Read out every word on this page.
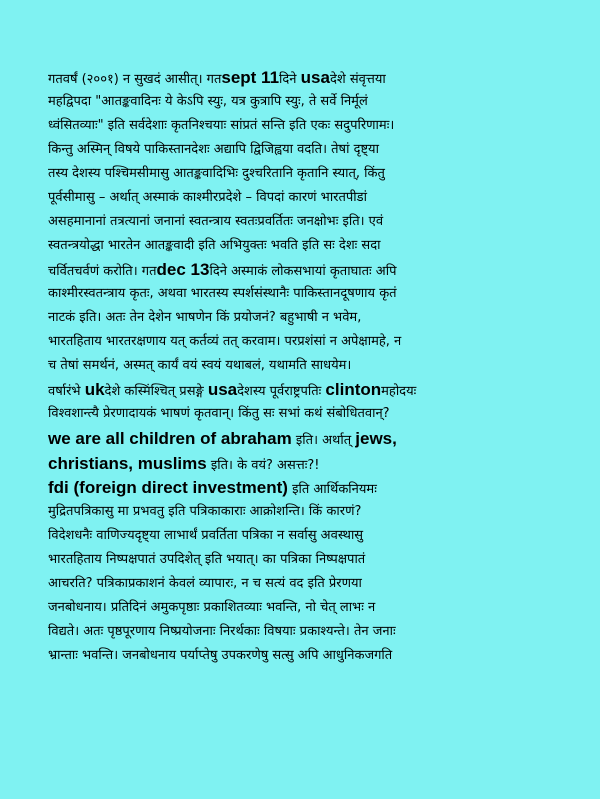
गतवर्षं (२००१) न सुखदं आसीत्। गतsept 11दिने usaदेशे संवृत्तया
महद्विपदा "आतङ्कवादिनः ये केऽपि स्युः, यत्र कुत्रापि स्युः, ते सर्वे निर्मूलं
ध्वंसितव्याः" इति सर्वदेशाः कृतनिश्चयाः सांप्रतं सन्ति इति एकः सदुपरिणामः।
किन्तु अस्मिन् विषये पाकिस्तानदेशः अद्यापि द्विजिह्वया वदति। तेषां दृष्ट्या
तस्य देशस्य पश्चिमसीमासु आतङ्कवादिभिः दुश्चरितानि कृतानि स्यात्, किंतु
पूर्वसीमासु – अर्थात् अस्माकं काश्मीरप्रदेशे – विपदां कारणं भारतपीडां
असहमानानां तत्रत्यानां जनानां स्वतन्त्राय स्वतःप्रवर्तितः जनक्षोभः इति। एवं
स्वतन्त्रयोद्धा भारतेन आतङ्कवादी इति अभियुक्तः भवति इति सः देशः सदा
चर्वितचर्वणं करोति। गतdec 13दिने अस्माकं लोकसभायां कृताघातः अपि
काश्मीरस्वतन्त्राय कृतः, अथवा भारतस्य स्पर्शसंस्थानैः पाकिस्तानदूषणाय कृतं
नाटकं इति। अतः तेन देशेन भाषणेन किं प्रयोजनं? बहुभाषी न भवेम,
भारतहिताय भारतरक्षणाय यत् कर्तव्यं तत् करवाम। परप्रशंसां न अपेक्षामहे, न
च तेषां समर्थनं, अस्मत् कार्यं वयं स्वयं यथाबलं, यथामति साधयेम।
वर्षारंभे ukदेशे कस्मिंश्चित् प्रसङ्गे usaदेशस्य पूर्वराष्ट्रपतिः clintonमहोदयः
विश्वशान्त्यै प्रेरणादायकं भाषणं कृतवान्। किंतु सः सभां कथं संबोधितवान्?
we are all children of abraham इति। अर्थात् jews,
christians, muslims इति। के वयं? असत्तः?!
fdi (foreign direct investment) इति आर्थिकनियमः
मुद्रितपत्रिकासु मा प्रभवतु इति पत्रिकाकाराः आक्रोशन्ति। किं कारणं?
विदेशधनैः वाणिज्यदृष्ट्या लाभार्थं प्रवर्तिता पत्रिका न सर्वासु अवस्थासु
भारतहिताय निष्पक्षपातं उपदिशेत् इति भयात्। का पत्रिका निष्पक्षपातं
आचरति? पत्रिकाप्रकाशनं केवलं व्यापारः, न च सत्यं वद इति प्रेरणया
जनबोधनाय। प्रतिदिनं अमुकपृष्ठाः प्रकाशितव्याः भवन्ति, नो चेत् लाभः न
विद्यते। अतः पृष्ठपूरणाय निष्प्रयोजनाः निरर्थकाः विषयाः प्रकाश्यन्ते। तेन जनाः
भ्रान्ताः भवन्ति। जनबोधनाय पर्याप्तेषु उपकरणेषु सत्सु अपि आधुनिकजगति
